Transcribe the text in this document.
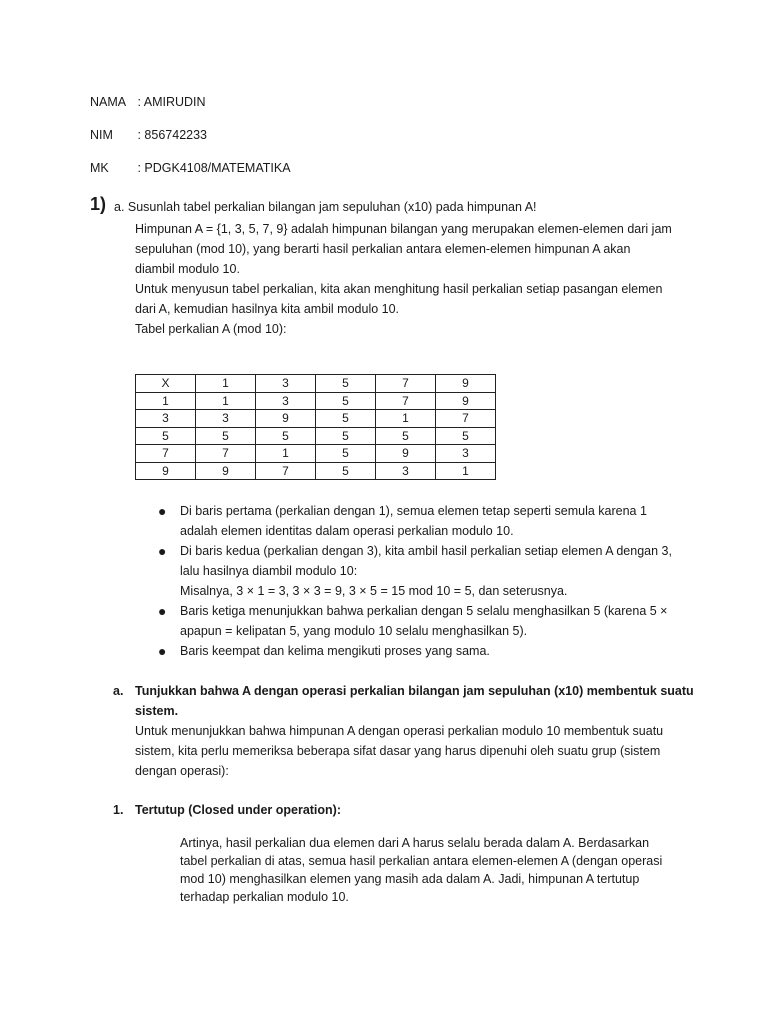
NAMA : AMIRUDIN
NIM : 856742233
MK : PDGK4108/MATEMATIKA
1) a. Susunlah tabel perkalian bilangan jam sepuluhan (x10) pada himpunan A!
Himpunan A = {1, 3, 5, 7, 9} adalah himpunan bilangan yang merupakan elemen-elemen dari jam
sepuluhan (mod 10), yang berarti hasil perkalian antara elemen-elemen himpunan A akan
diambil modulo 10.
Untuk menyusun tabel perkalian, kita akan menghitung hasil perkalian setiap pasangan elemen
dari A, kemudian hasilnya kita ambil modulo 10.
Tabel perkalian A (mod 10):
X	1	3	5	7	9
1	1	3	5	7	9
3	3	9	5	1	7
5	5	5	5	5	5
7	7	1	5	9	3
9	9	7	5	3	1
● Di baris pertama (perkalian dengan 1), semua elemen tetap seperti semula karena 1
adalah elemen identitas dalam operasi perkalian modulo 10.
● Di baris kedua (perkalian dengan 3), kita ambil hasil perkalian setiap elemen A dengan 3,
lalu hasilnya diambil modulo 10:
Misalnya, 3 × 1 = 3, 3 × 3 = 9, 3 × 5 = 15 mod 10 = 5, dan seterusnya.
● Baris ketiga menunjukkan bahwa perkalian dengan 5 selalu menghasilkan 5 (karena 5 ×
apapun = kelipatan 5, yang modulo 10 selalu menghasilkan 5).
● Baris keempat dan kelima mengikuti proses yang sama.
a. Tunjukkan bahwa A dengan operasi perkalian bilangan jam sepuluhan (x10) membentuk suatu
sistem.
Untuk menunjukkan bahwa himpunan A dengan operasi perkalian modulo 10 membentuk suatu
sistem, kita perlu memeriksa beberapa sifat dasar yang harus dipenuhi oleh suatu grup (sistem
dengan operasi):
1. Tertutup (Closed under operation):
Artinya, hasil perkalian dua elemen dari A harus selalu berada dalam A. Berdasarkan
tabel perkalian di atas, semua hasil perkalian antara elemen-elemen A (dengan operasi
mod 10) menghasilkan elemen yang masih ada dalam A. Jadi, himpunan A tertutup
terhadap perkalian modulo 10.
